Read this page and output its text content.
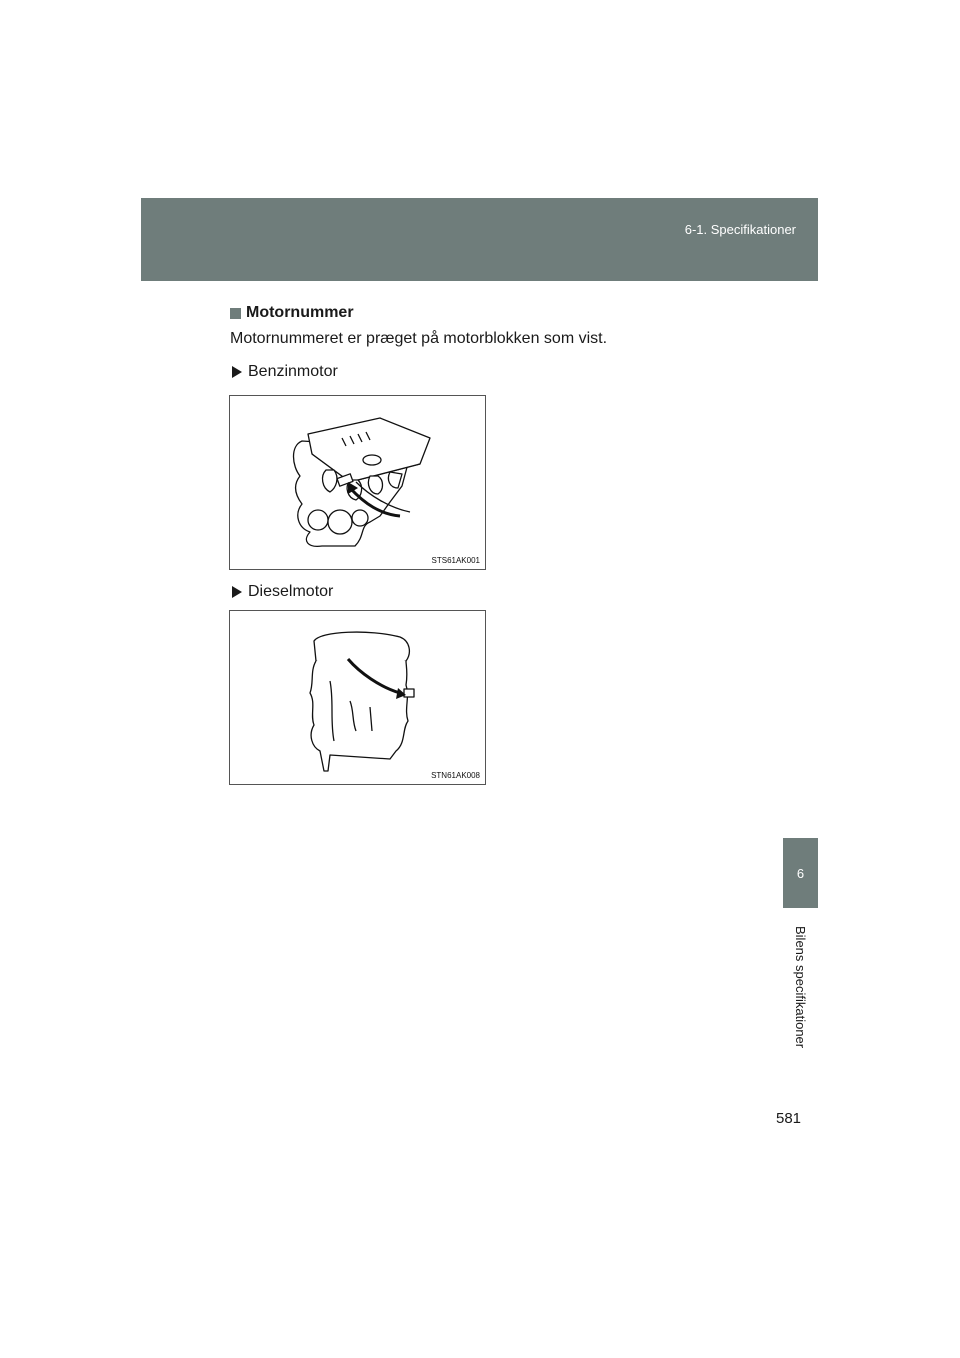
6-1. Specifikationer
6
Bilens specifikationer
Motornummer
Motornummeret er præget på motorblokken som vist.
Benzinmotor
STS61AK001
Dieselmotor
STN61AK008
581
